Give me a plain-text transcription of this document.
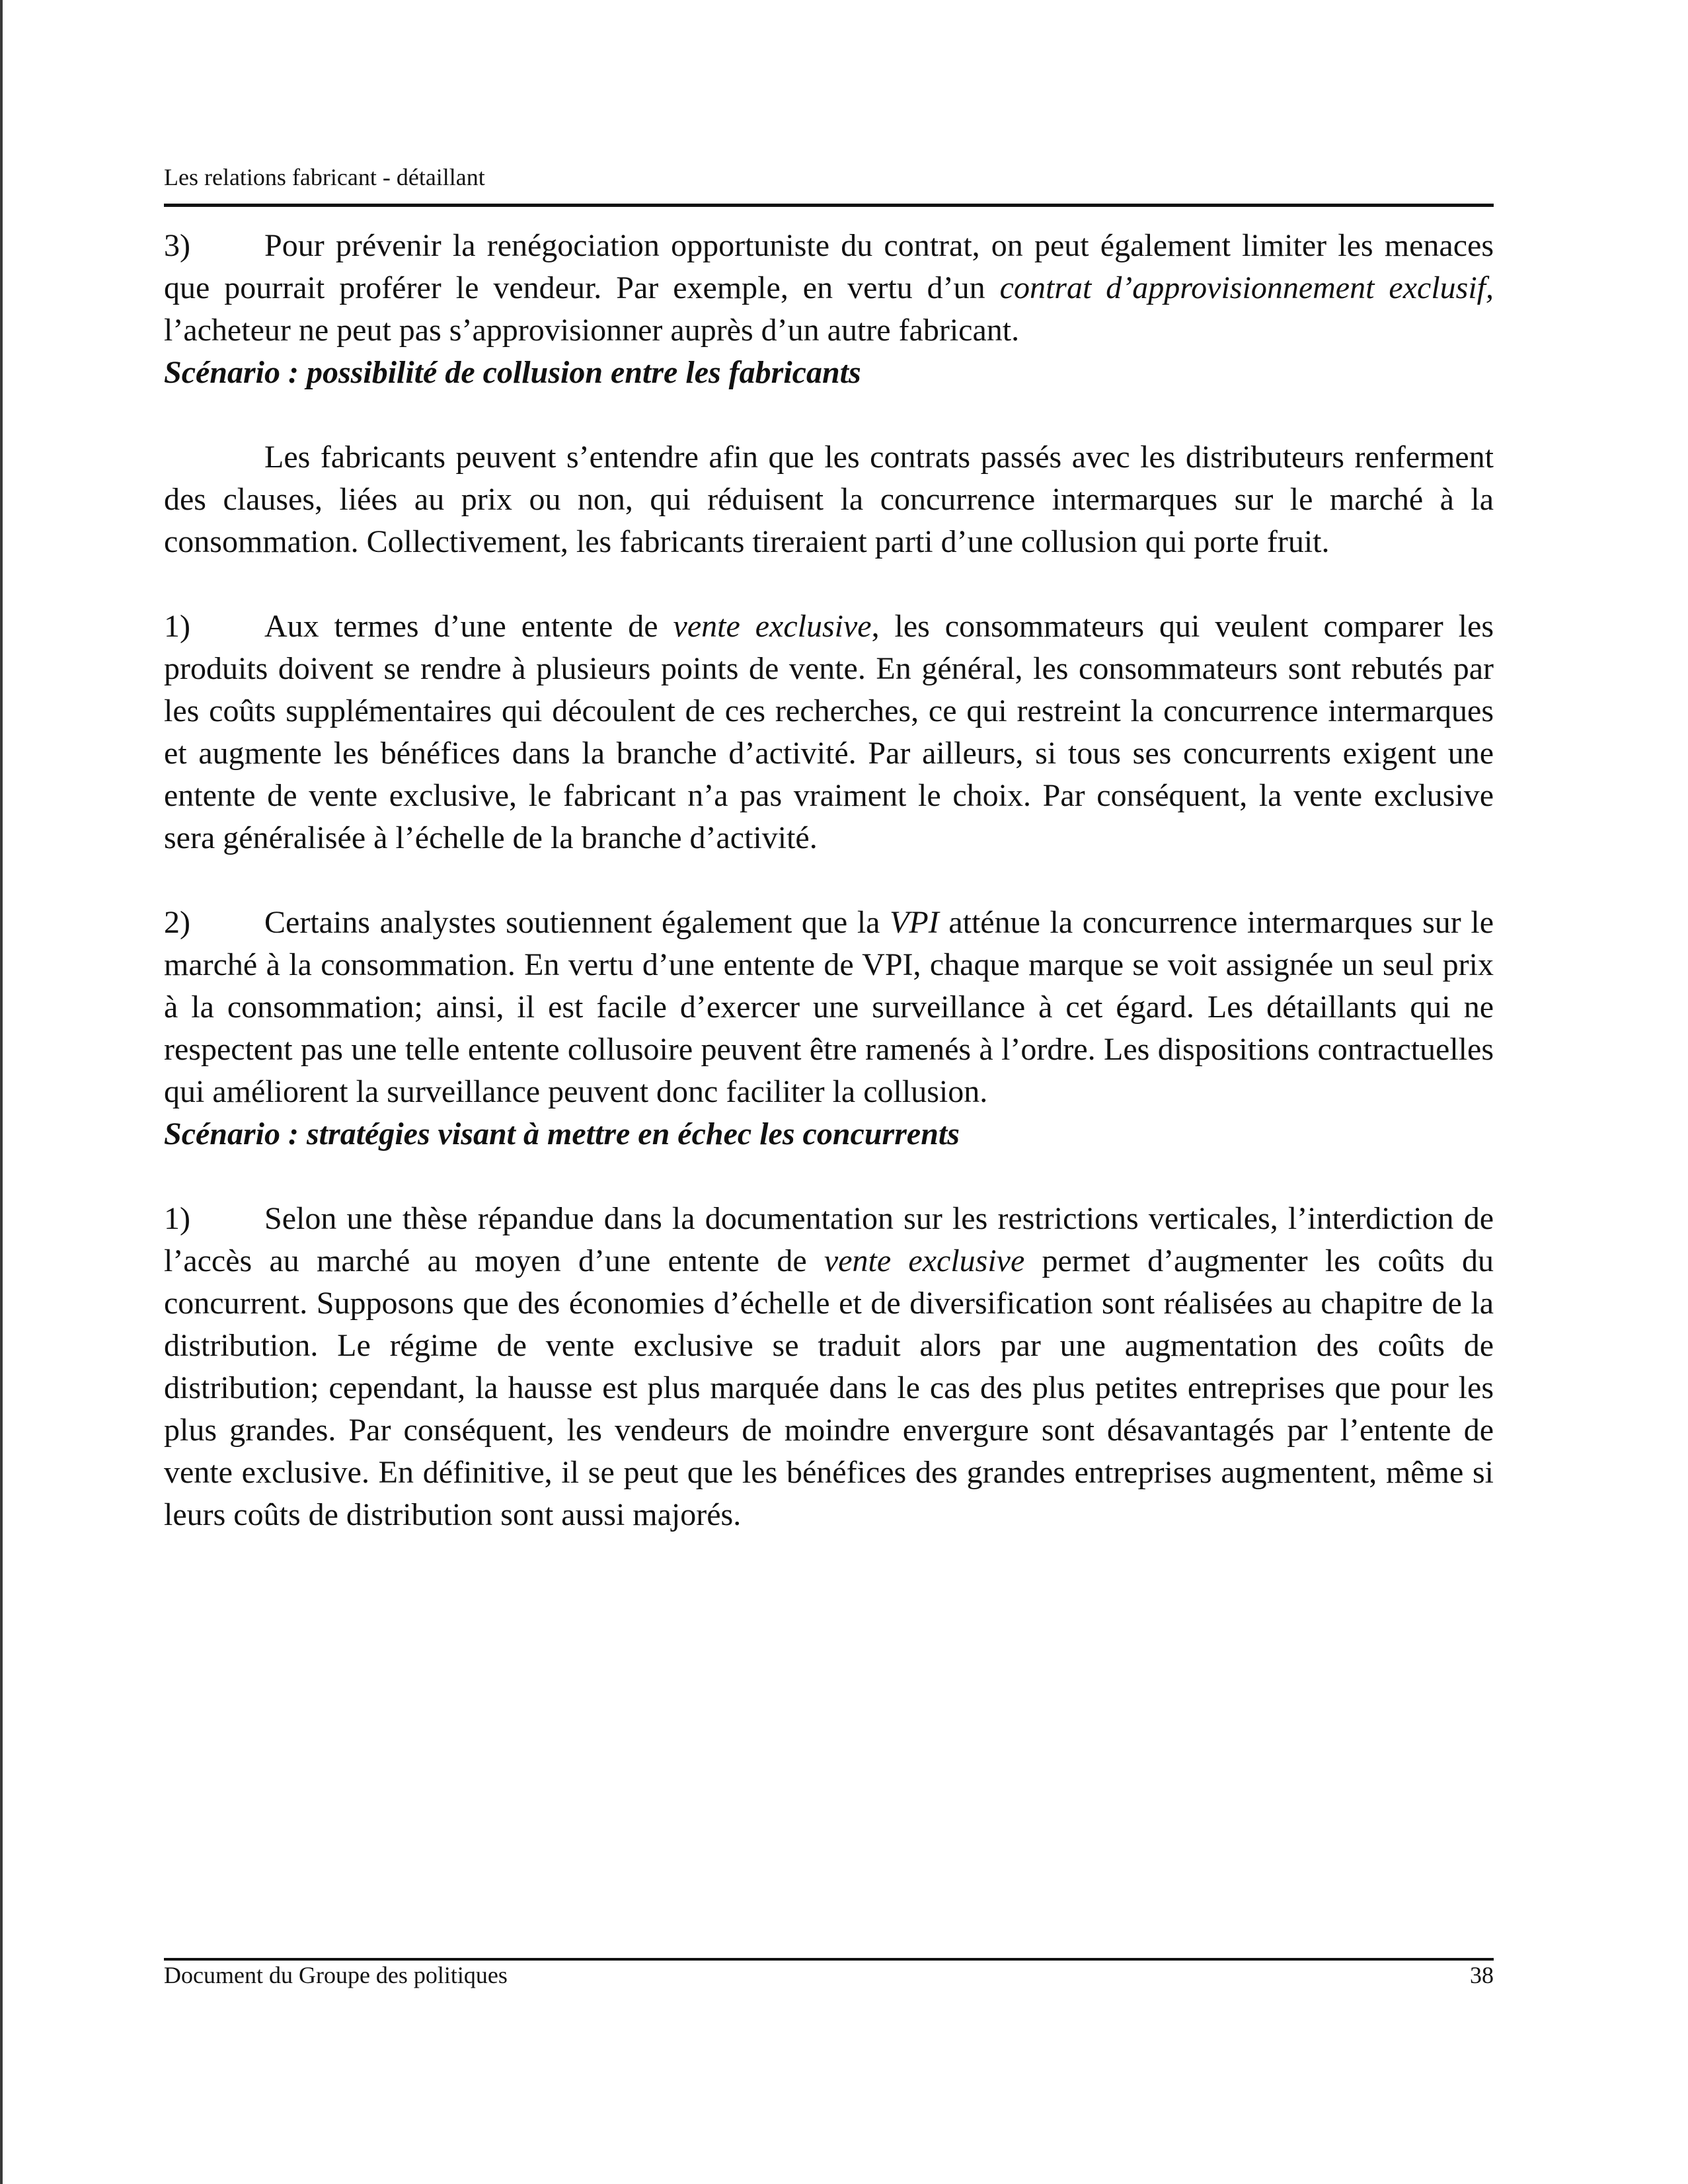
Les relations fabricant - détaillant

3) Pour prévenir la renégociation opportuniste du contrat, on peut également limiter les menaces que pourrait proférer le vendeur. Par exemple, en vertu d’un contrat d’approvisionnement exclusif, l’acheteur ne peut pas s’approvisionner auprès d’un autre fabricant.

Scénario : possibilité de collusion entre les fabricants

Les fabricants peuvent s’entendre afin que les contrats passés avec les distributeurs renferment des clauses, liées au prix ou non, qui réduisent la concurrence intermarques sur le marché à la consommation. Collectivement, les fabricants tireraient parti d’une collusion qui porte fruit.

1) Aux termes d’une entente de vente exclusive, les consommateurs qui veulent comparer les produits doivent se rendre à plusieurs points de vente. En général, les consommateurs sont rebutés par les coûts supplémentaires qui découlent de ces recherches, ce qui restreint la concurrence intermarques et augmente les bénéfices dans la branche d’activité. Par ailleurs, si tous ses concurrents exigent une entente de vente exclusive, le fabricant n’a pas vraiment le choix. Par conséquent, la vente exclusive sera généralisée à l’échelle de la branche d’activité.

2) Certains analystes soutiennent également que la VPI atténue la concurrence intermarques sur le marché à la consommation. En vertu d’une entente de VPI, chaque marque se voit assignée un seul prix à la consommation; ainsi, il est facile d’exercer une surveillance à cet égard. Les détaillants qui ne respectent pas une telle entente collusoire peuvent être ramenés à l’ordre. Les dispositions contractuelles qui améliorent la surveillance peuvent donc faciliter la collusion.

Scénario : stratégies visant à mettre en échec les concurrents

1) Selon une thèse répandue dans la documentation sur les restrictions verticales, l’interdiction de l’accès au marché au moyen d’une entente de vente exclusive permet d’augmenter les coûts du concurrent. Supposons que des économies d’échelle et de diversification sont réalisées au chapitre de la distribution. Le régime de vente exclusive se traduit alors par une augmentation des coûts de distribution; cependant, la hausse est plus marquée dans le cas des plus petites entreprises que pour les plus grandes. Par conséquent, les vendeurs de moindre envergure sont désavantagés par l’entente de vente exclusive. En définitive, il se peut que les bénéfices des grandes entreprises augmentent, même si leurs coûts de distribution sont aussi majorés.

Document du Groupe des politiques	38
